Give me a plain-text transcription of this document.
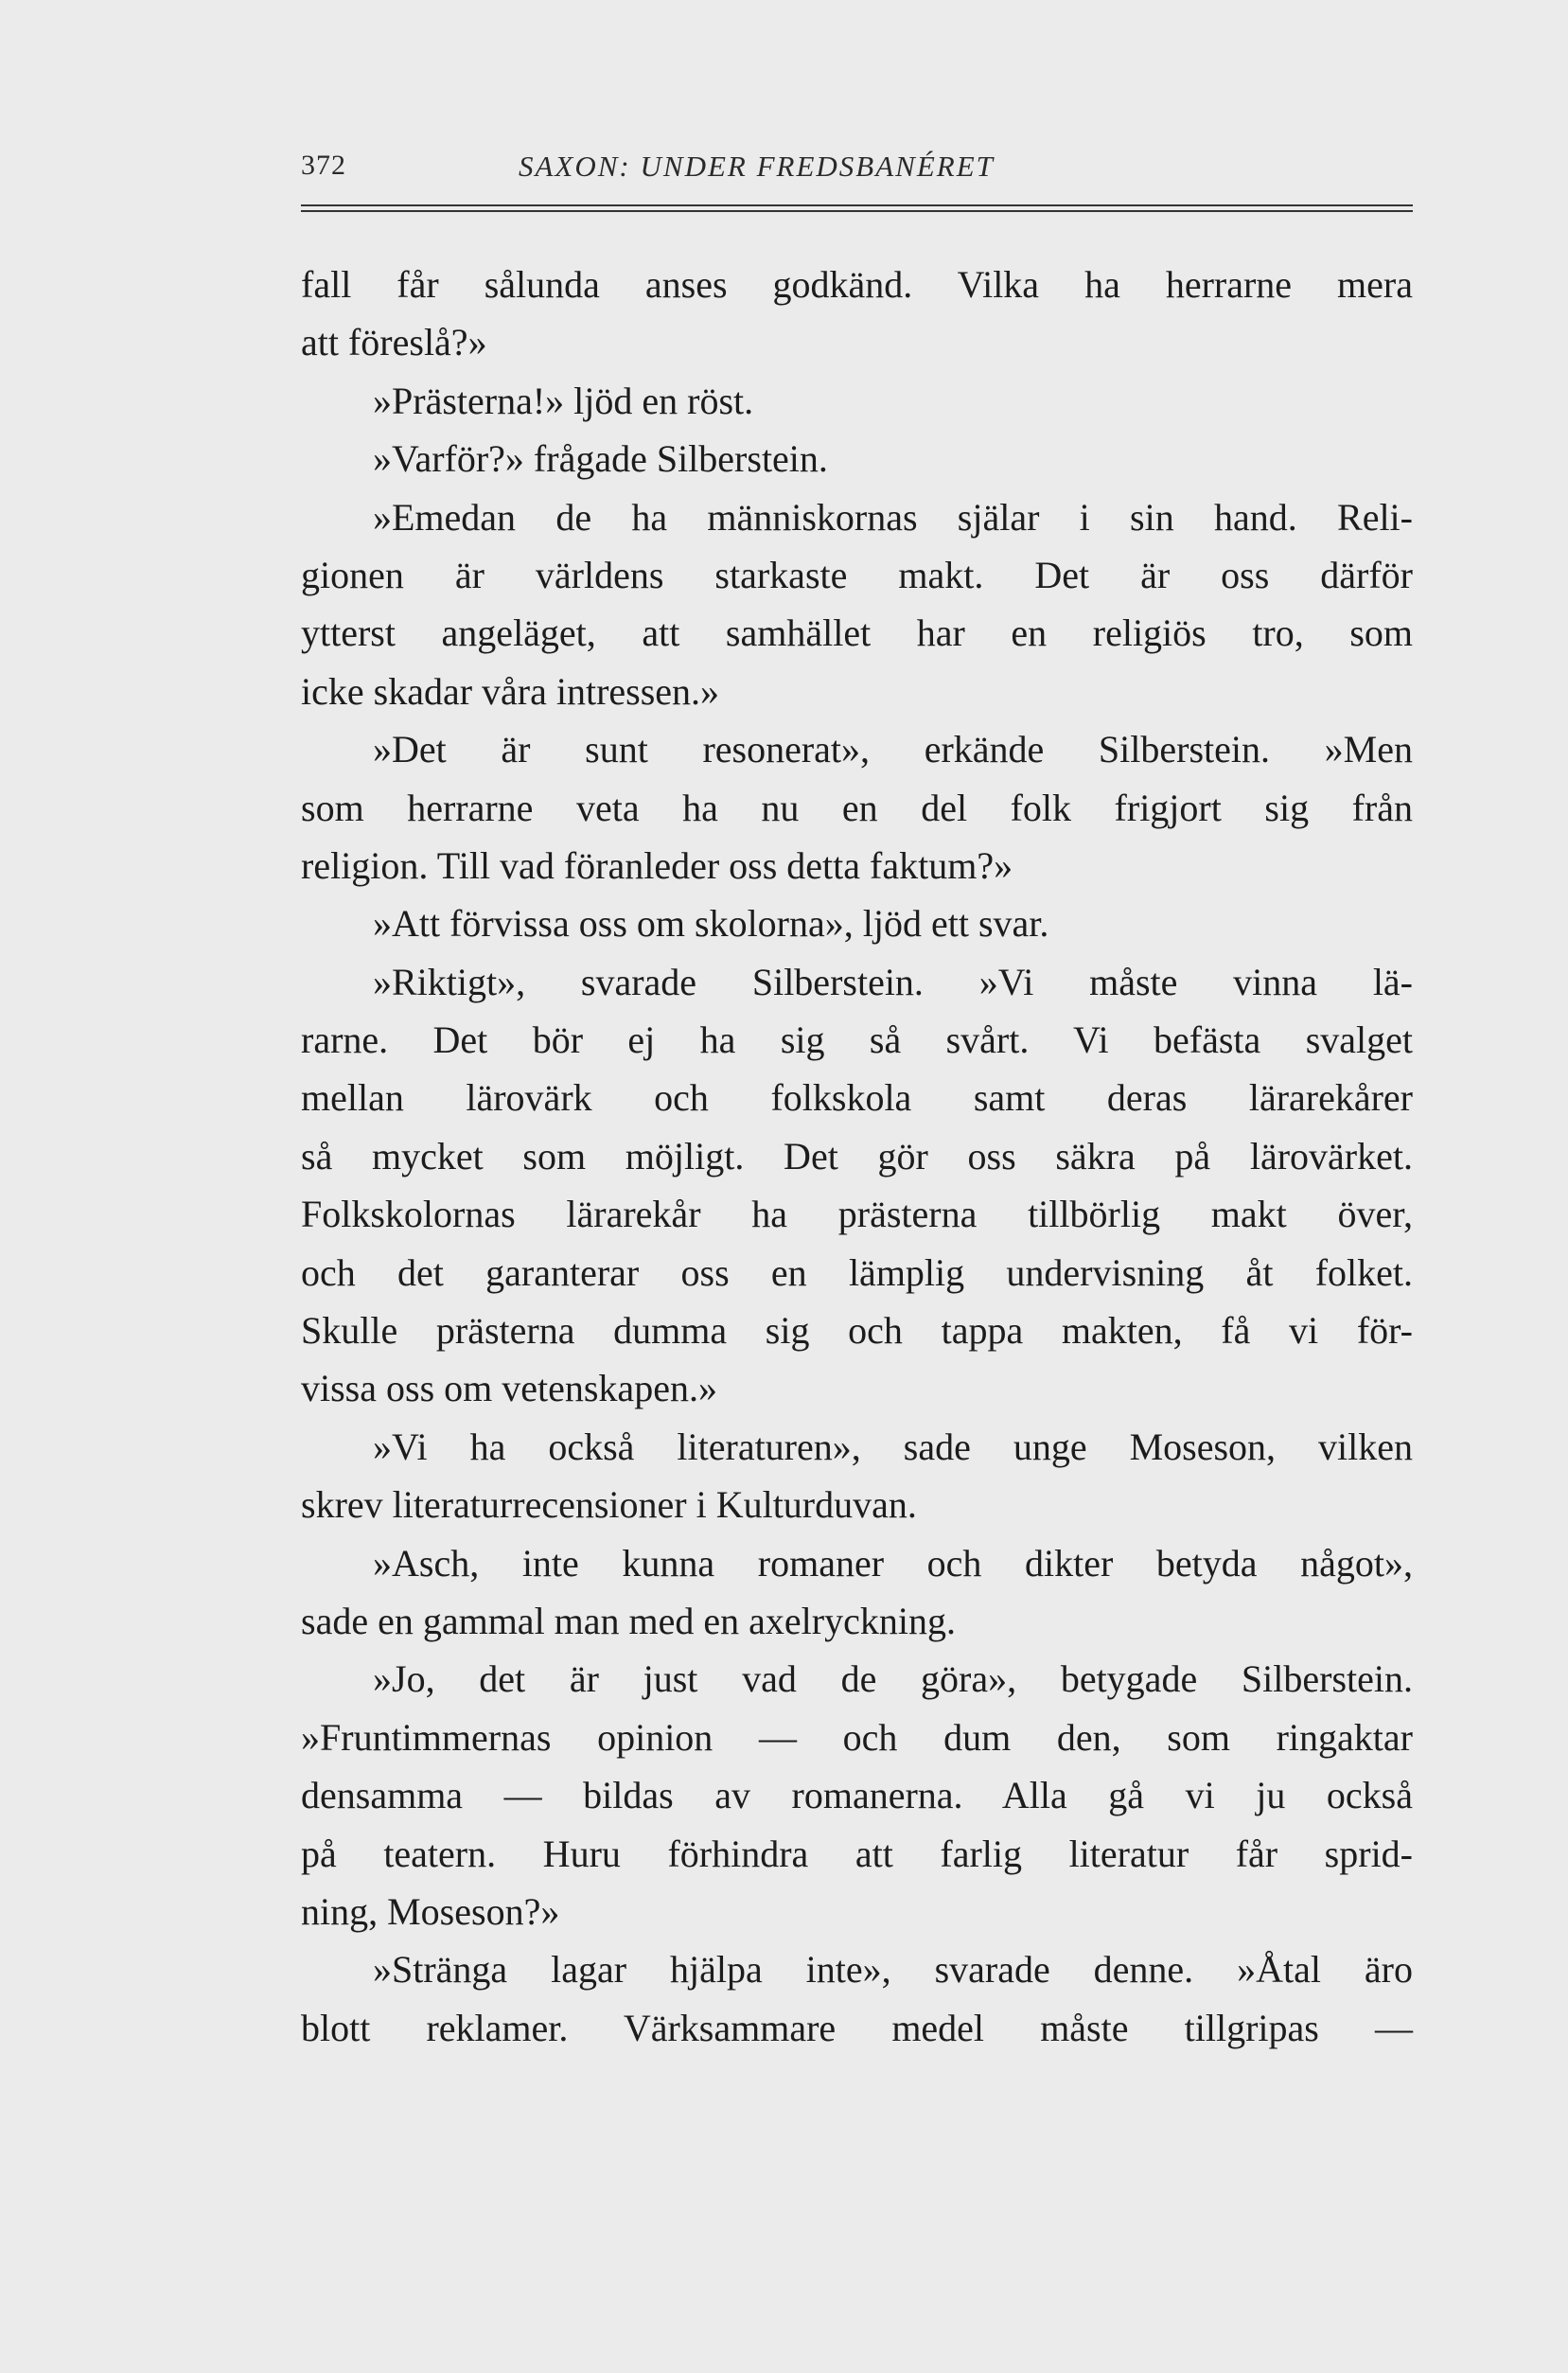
372	SAXON: UNDER FREDSBANÉRET
fall får sålunda anses godkänd. Vilka ha herrarne mera
att föreslå?»
»Prästerna!» ljöd en röst.
»Varför?» frågade Silberstein.
»Emedan de ha människornas själar i sin hand. Reli-
gionen är världens starkaste makt. Det är oss därför
ytterst angeläget, att samhället har en religiös tro, som
icke skadar våra intressen.»
»Det är sunt resonerat», erkände Silberstein. »Men
som herrarne veta ha nu en del folk frigjort sig från
religion. Till vad föranleder oss detta faktum?»
»Att förvissa oss om skolorna», ljöd ett svar.
»Riktigt», svarade Silberstein. »Vi måste vinna lä-
rarne. Det bör ej ha sig så svårt. Vi befästa svalget
mellan lärovärk och folkskola samt deras lärarekårer
så mycket som möjligt. Det gör oss säkra på lärovärket.
Folkskolornas lärarekår ha prästerna tillbörlig makt över,
och det garanterar oss en lämplig undervisning åt folket.
Skulle prästerna dumma sig och tappa makten, få vi för-
vissa oss om vetenskapen.»
»Vi ha också literaturen», sade unge Moseson, vilken
skrev literaturrecensioner i Kulturduvan.
»Asch, inte kunna romaner och dikter betyda något»,
sade en gammal man med en axelryckning.
»Jo, det är just vad de göra», betygade Silberstein.
»Fruntimmernas opinion — och dum den, som ringaktar
densamma — bildas av romanerna. Alla gå vi ju också
på teatern. Huru förhindra att farlig literatur får sprid-
ning, Moseson?»
»Stränga lagar hjälpa inte», svarade denne. »Åtal äro
blott reklamer. Värksammare medel måste tillgripas —
